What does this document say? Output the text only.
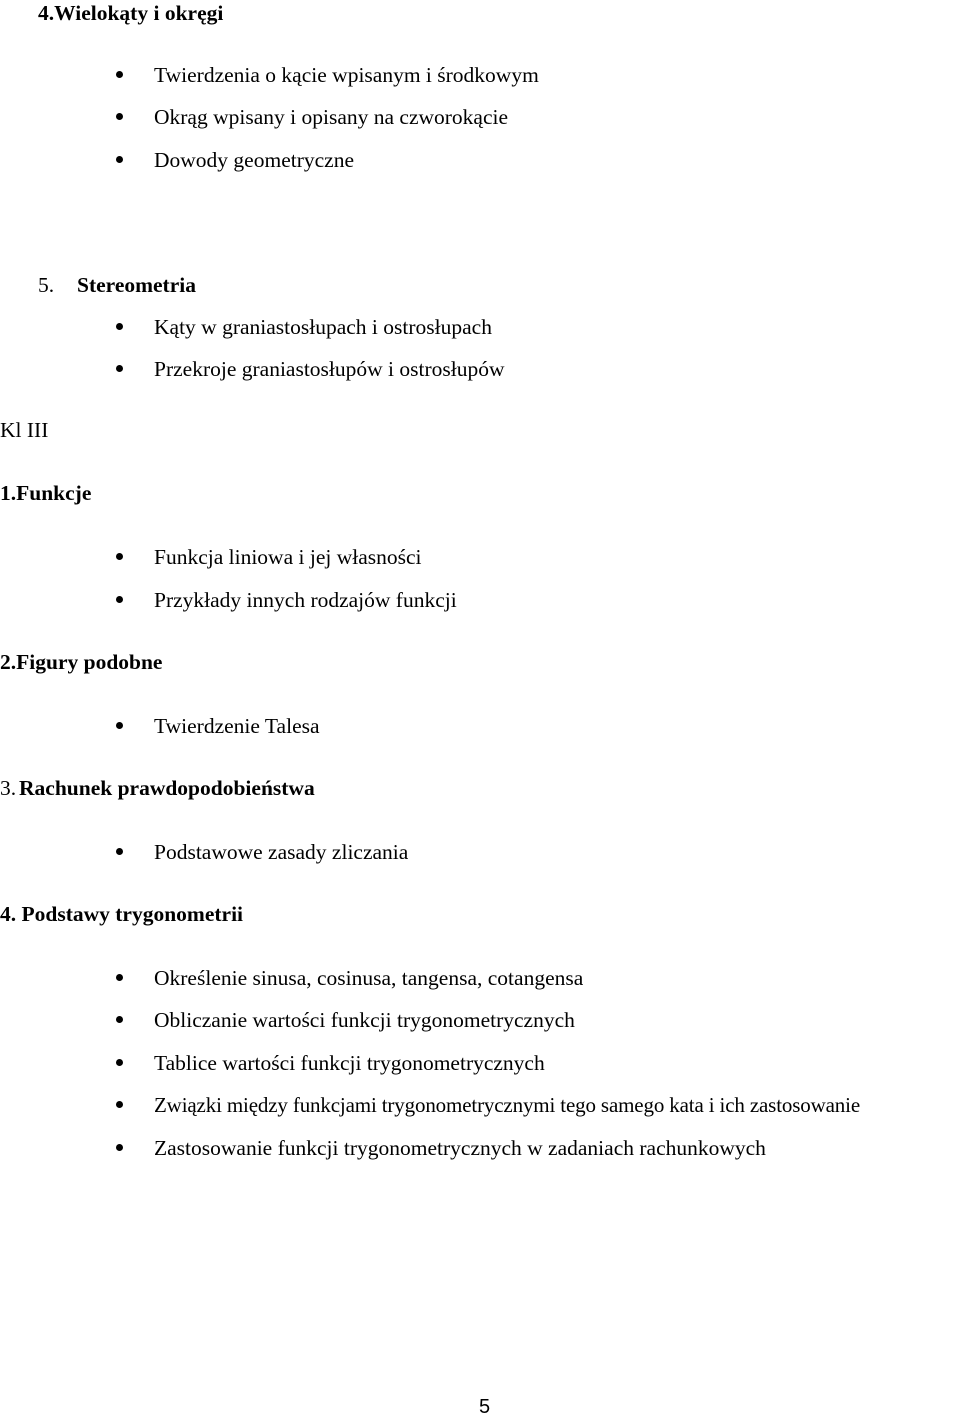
4.Wielokąty i okręgi
Twierdzenia o kącie wpisanym i środkowym
Okrąg wpisany i opisany na czworokącie
Dowody geometryczne
5. Stereometria
Kąty w graniastosłupach i ostrosłupach
Przekroje graniastosłupów i ostrosłupów
Kl III
1.Funkcje
Funkcja liniowa i jej własności
Przykłady innych rodzajów funkcji
2.Figury podobne
Twierdzenie Talesa
3. Rachunek prawdopodobieństwa
Podstawowe zasady zliczania
4. Podstawy trygonometrii
Określenie sinusa, cosinusa, tangensa, cotangensa
Obliczanie wartości funkcji trygonometrycznych
Tablice wartości funkcji trygonometrycznych
Związki między funkcjami trygonometrycznymi tego samego kata i ich zastosowanie
Zastosowanie funkcji trygonometrycznych w zadaniach rachunkowych
5
